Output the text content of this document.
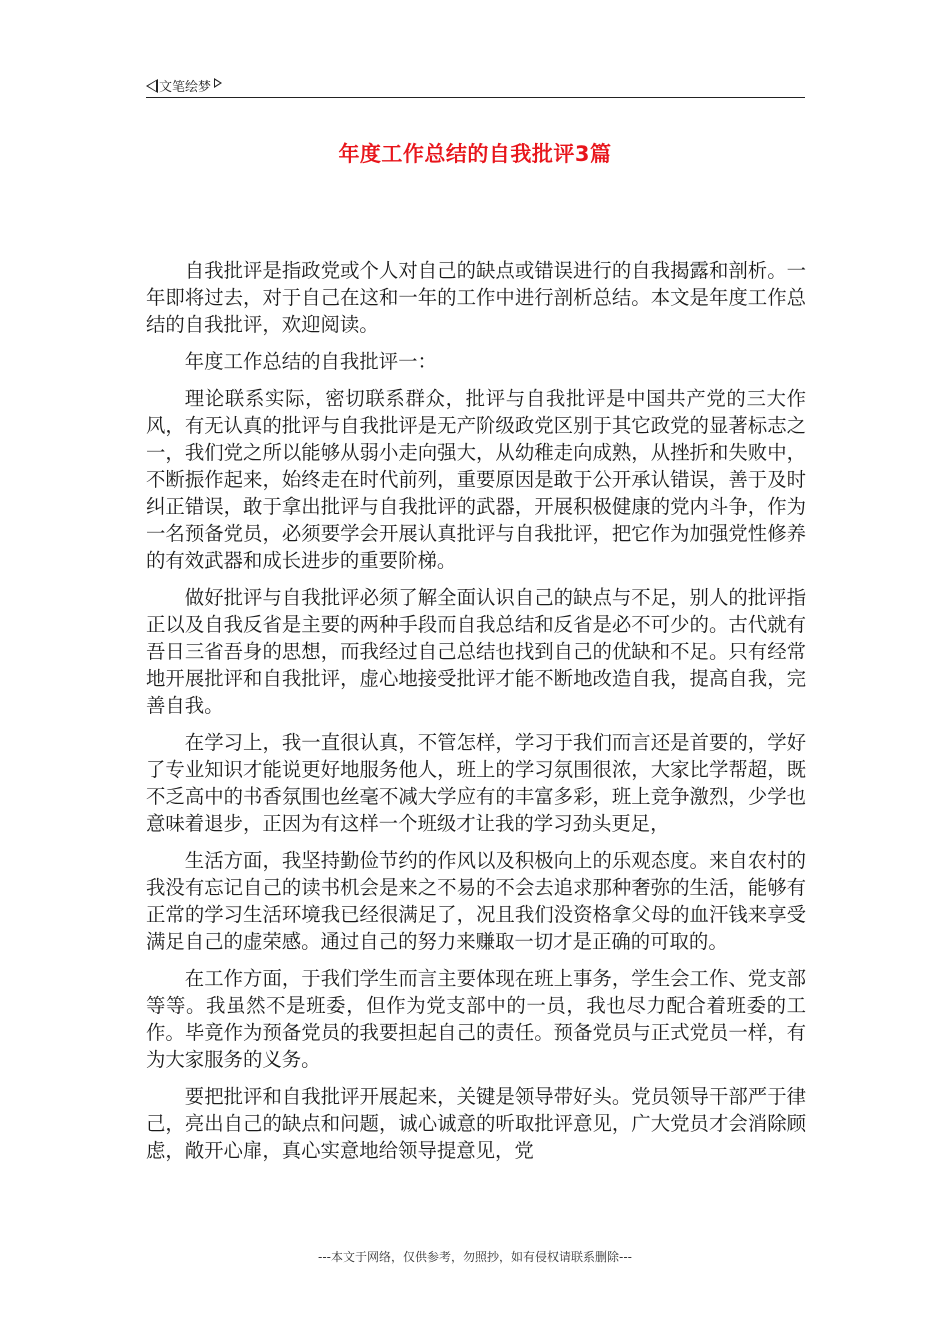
文笔绘梦
年度工作总结的自我批评3篇

自我批评是指政党或个人对自己的缺点或错误进行的自我揭露和剖析。一年即将过去，对于自己在这和一年的工作中进行剖析总结。本文是年度工作总结的自我批评，欢迎阅读。

年度工作总结的自我批评一：

理论联系实际，密切联系群众，批评与自我批评是中国共产党的三大作风，有无认真的批评与自我批评是无产阶级政党区别于其它政党的显著标志之一，我们党之所以能够从弱小走向强大，从幼稚走向成熟，从挫折和失败中，不断振作起来，始终走在时代前列，重要原因是敢于公开承认错误，善于及时纠正错误，敢于拿出批评与自我批评的武器，开展积极健康的党内斗争，作为一名预备党员，必须要学会开展认真批评与自我批评，把它作为加强党性修养的有效武器和成长进步的重要阶梯。

做好批评与自我批评必须了解全面认识自己的缺点与不足，别人的批评指正以及自我反省是主要的两种手段而自我总结和反省是必不可少的。古代就有吾日三省吾身的思想，而我经过自己总结也找到自己的优缺和不足。只有经常地开展批评和自我批评，虚心地接受批评才能不断地改造自我，提高自我，完善自我。

在学习上，我一直很认真，不管怎样，学习于我们而言还是首要的，学好了专业知识才能说更好地服务他人，班上的学习氛围很浓，大家比学帮超，既不乏高中的书香氛围也丝毫不减大学应有的丰富多彩，班上竞争激烈，少学也意味着退步，正因为有这样一个班级才让我的学习劲头更足，

生活方面，我坚持勤俭节约的作风以及积极向上的乐观态度。来自农村的我没有忘记自己的读书机会是来之不易的不会去追求那种奢弥的生活，能够有正常的学习生活环境我已经很满足了，况且我们没资格拿父母的血汗钱来享受满足自己的虚荣感。通过自己的努力来赚取一切才是正确的可取的。

在工作方面，于我们学生而言主要体现在班上事务，学生会工作、党支部等等。我虽然不是班委，但作为党支部中的一员，我也尽力配合着班委的工作。毕竟作为预备党员的我要担起自己的责任。预备党员与正式党员一样，有为大家服务的义务。

要把批评和自我批评开展起来，关键是领导带好头。党员领导干部严于律己，亮出自己的缺点和问题，诚心诚意的听取批评意见，广大党员才会消除顾虑，敞开心扉，真心实意地给领导提意见，党

---本文于网络，仅供参考，勿照抄，如有侵权请联系删除---
